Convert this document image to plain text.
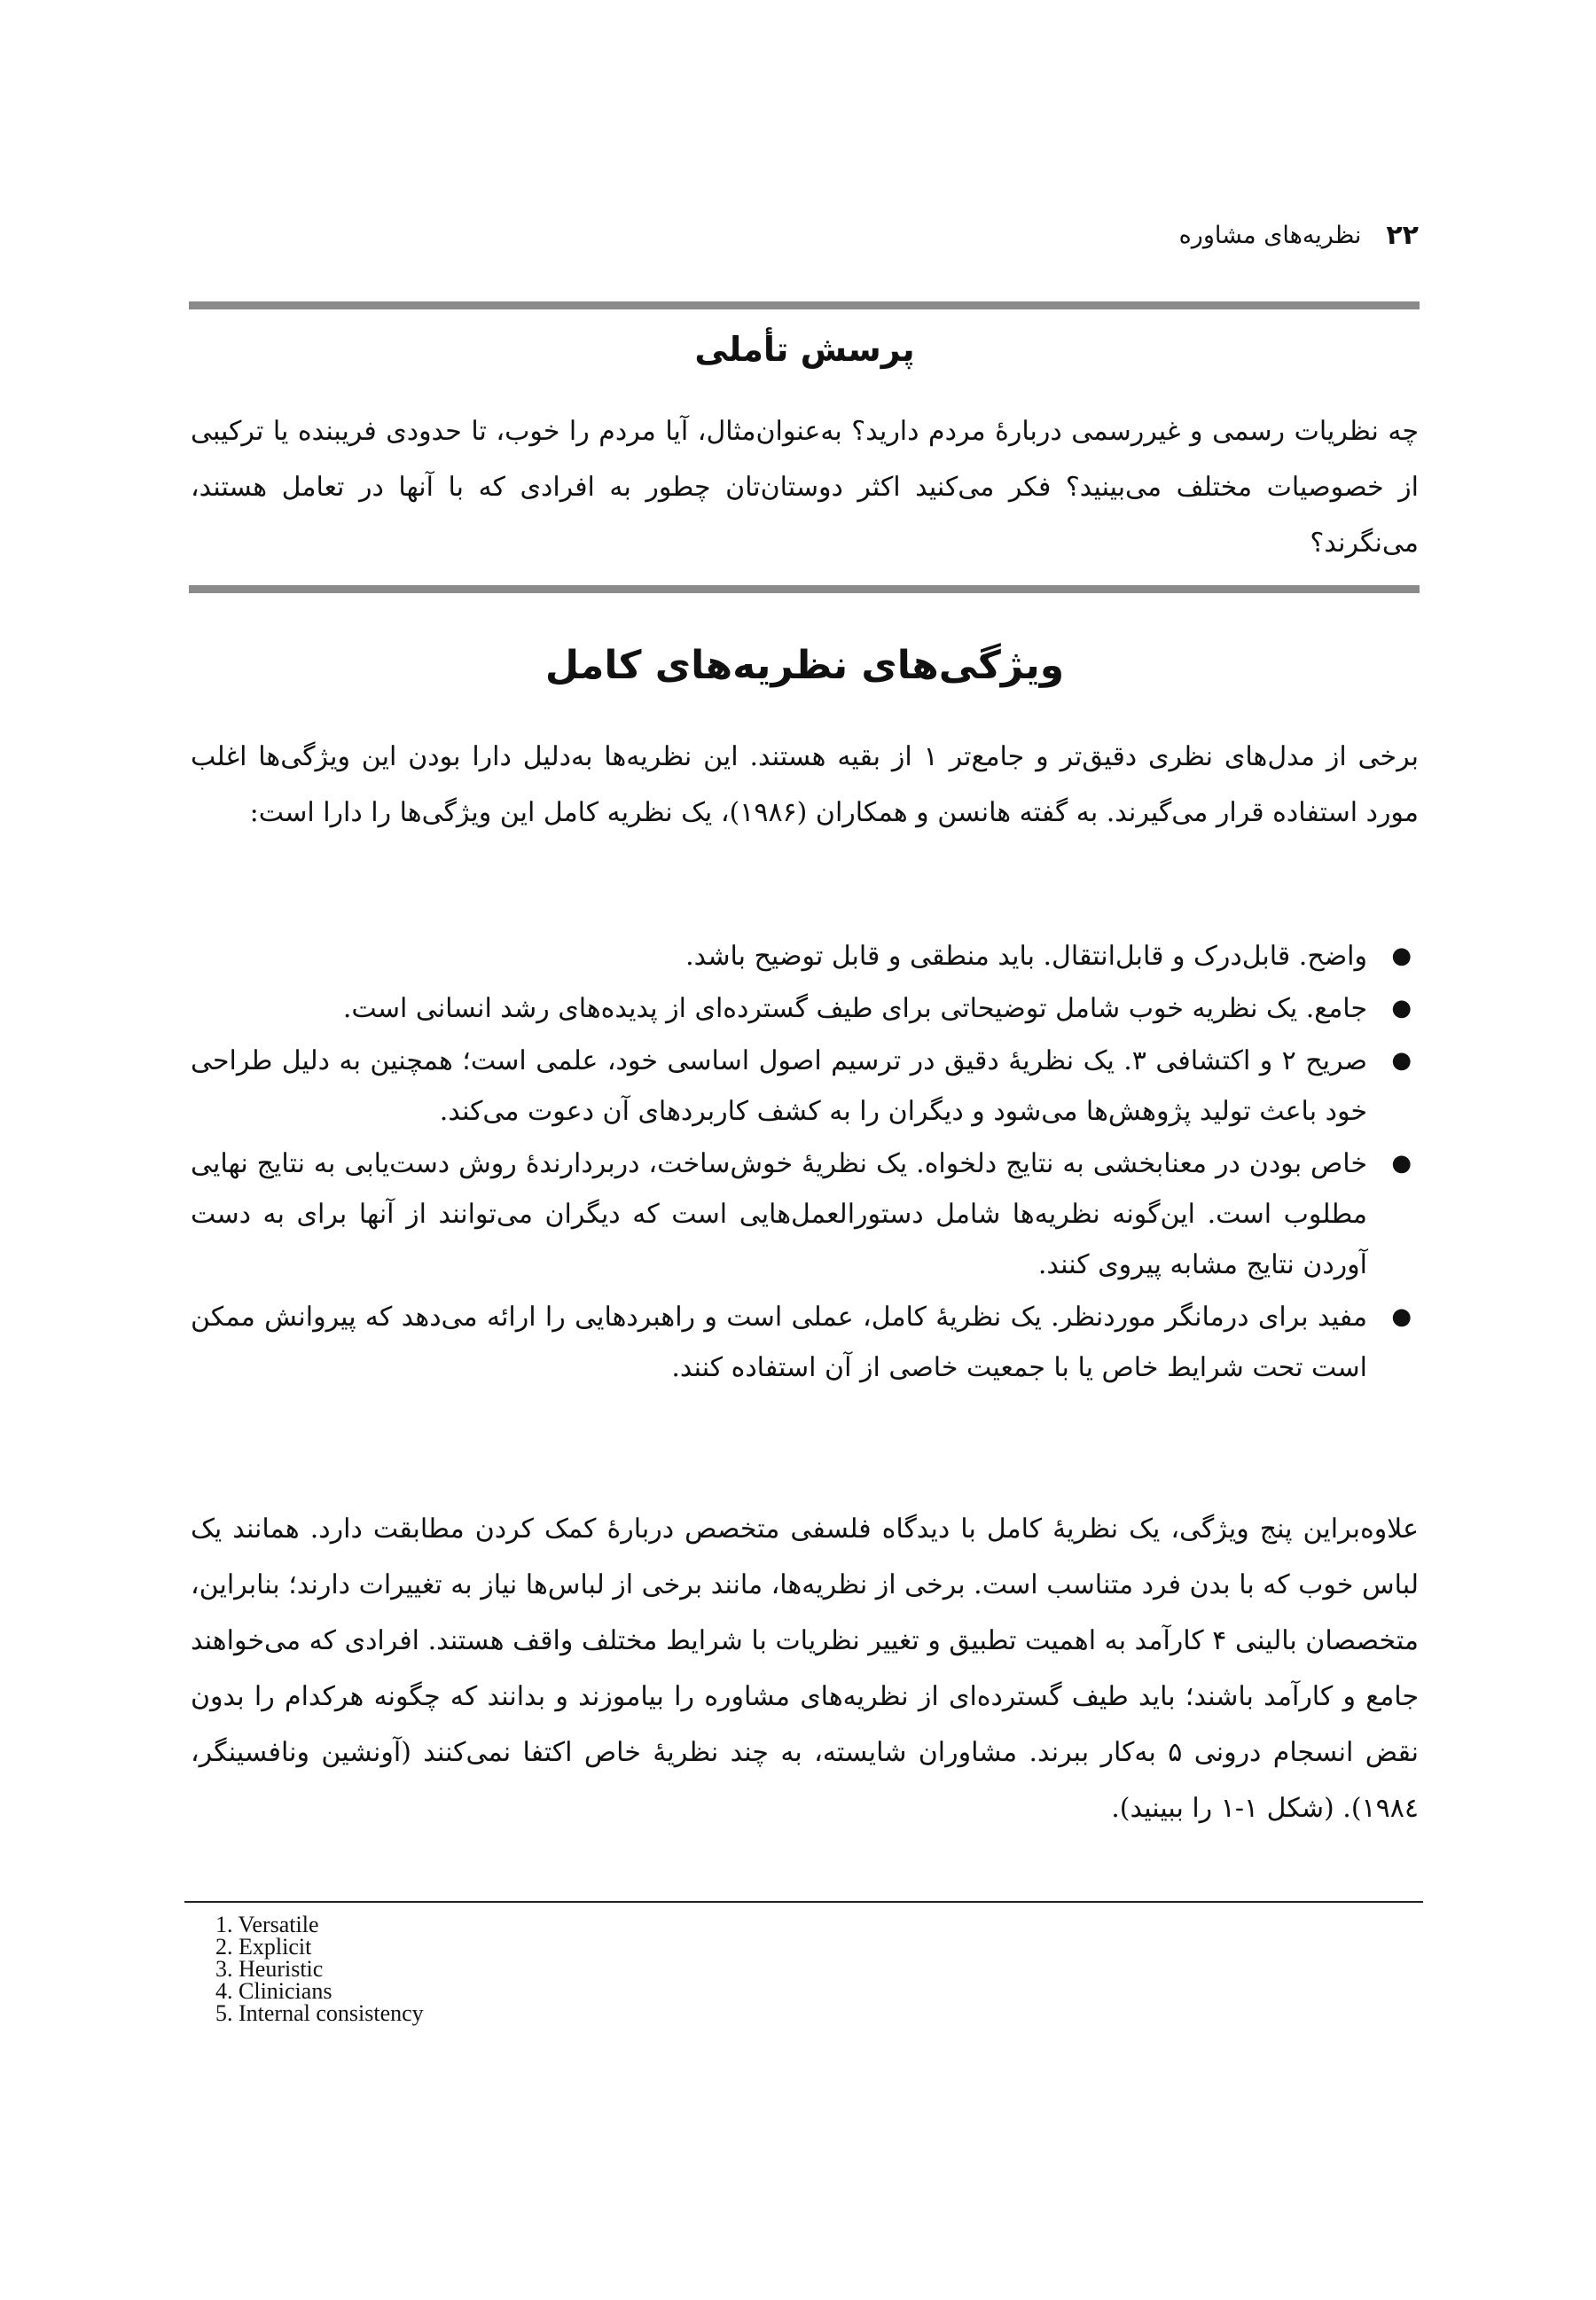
۲۲
نظریه‌های مشاوره
پرسش تأملی
چه نظریات رسمی و غیررسمی دربارهٔ مردم دارید؟ به‌عنوان‌مثال، آیا مردم را خوب، تا حدودی فریبنده یا ترکیبی از خصوصیات مختلف می‌بینید؟ فکر می‌کنید اکثر دوستان‌تان چطور به افرادی که با آنها در تعامل هستند، می‌نگرند؟
ویژگی‌های نظریه‌های کامل
برخی از مدل‌های نظری دقیق‌تر و جامع‌تر ۱ از بقیه هستند. این نظریه‌ها به‌دلیل دارا بودن این ویژگی‌ها اغلب مورد استفاده قرار می‌گیرند. به گفته هانسن و همکاران (۱۹۸۶)، یک نظریه کامل این ویژگی‌ها را دارا است:
●
واضح. قابل‌درک و قابل‌انتقال. باید منطقی و قابل توضیح باشد.
●
جامع. یک نظریه خوب شامل توضیحاتی برای طیف گسترده‌ای از پدیده‌های رشد انسانی است.
●
صریح ۲ و اکتشافی ۳. یک نظریهٔ دقیق در ترسیم اصول اساسی خود، علمی است؛ همچنین به دلیل طراحی خود باعث تولید پژوهش‌ها می‌شود و دیگران را به کشف کاربردهای آن دعوت می‌کند.
●
خاص بودن در معنابخشی به نتایج دلخواه. یک نظریهٔ خوش‌ساخت، دربردارندهٔ روش دست‌یابی به نتایج نهایی مطلوب است. این‌گونه نظریه‌ها شامل دستورالعمل‌هایی است که دیگران می‌توانند از آنها برای به دست آوردن نتایج مشابه پیروی کنند.
●
مفید برای درمانگر موردنظر. یک نظریهٔ کامل، عملی است و راهبردهایی را ارائه می‌دهد که پیروانش ممکن است تحت شرایط خاص یا با جمعیت خاصی از آن استفاده کنند.
علاوه‌براین پنج ویژگی، یک نظریهٔ کامل با دیدگاه فلسفی متخصص دربارهٔ کمک کردن مطابقت دارد. همانند یک لباس خوب که با بدن فرد متناسب است. برخی از نظریه‌ها، مانند برخی از لباس‌ها نیاز به تغییرات دارند؛ بنابراین، متخصصان بالینی ۴ کارآمد به اهمیت تطبیق و تغییر نظریات با شرایط مختلف واقف هستند. افرادی که می‌خواهند جامع و کارآمد باشند؛ باید طیف گسترده‌ای از نظریه‌های مشاوره را بیاموزند و بدانند که چگونه هرکدام را بدون نقض انسجام درونی ۵ به‌کار ببرند. مشاوران شایسته، به چند نظریهٔ خاص اکتفا نمی‌کنند (آونشین ونافسینگر، ۱۹۸٤). (شکل ۱-۱ را ببینید).
1. Versatile
2. Explicit
3. Heuristic
4. Clinicians
5. Internal consistency
